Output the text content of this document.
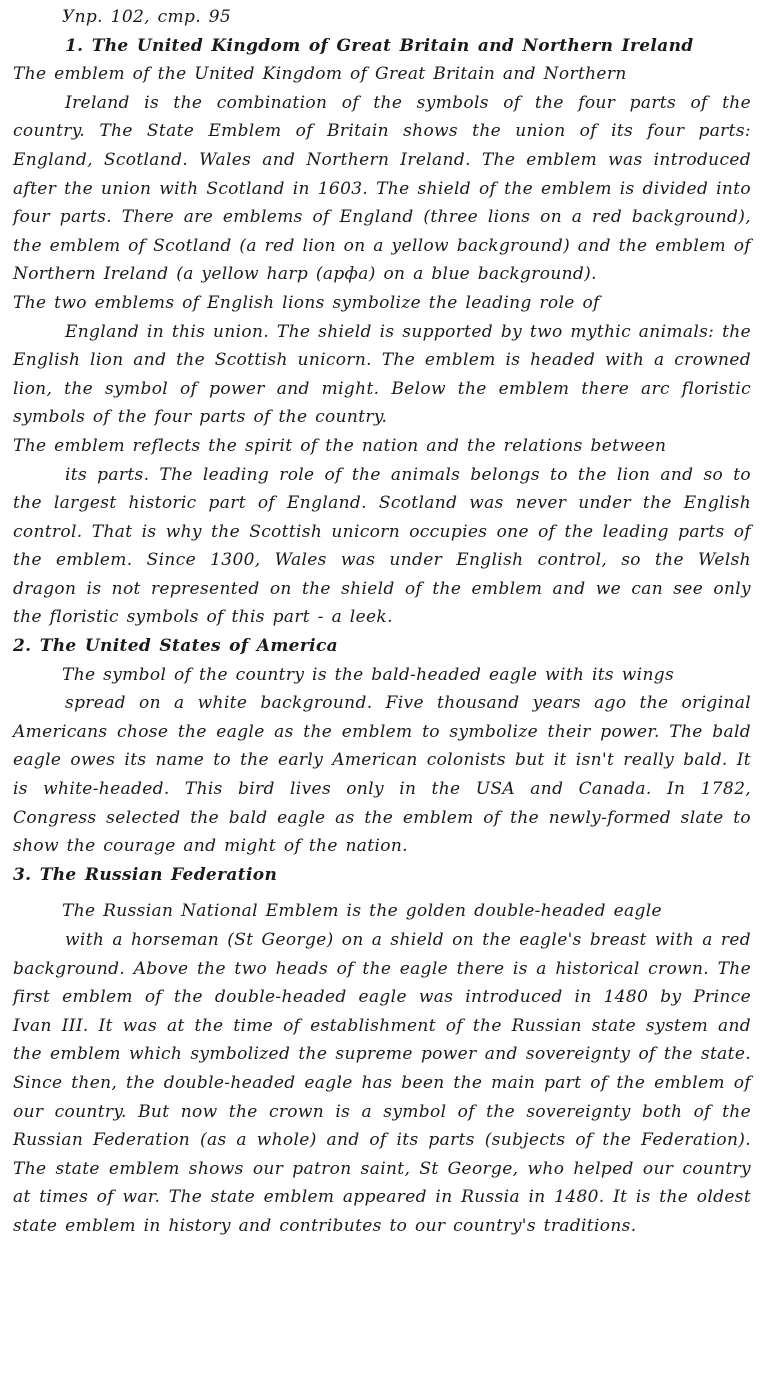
Упр. 102, стр. 95
1. The United Kingdom of Great Britain and Northern Ireland
The emblem of the United Kingdom of Great Britain and Northern
Ireland is the combination of the symbols of the four parts of the country. The State Emblem of Britain shows the union of its four parts: England, Scotland. Wales and Northern Ireland. The emblem was introduced after the union with Scotland in 1603. The shield of the emblem is divided into four parts. There are emblems of England (three lions on a red background), the emblem of Scotland (a red lion on a yellow background) and the emblem of Northern Ireland (a yellow harp (арфа) on a blue background).
The two emblems of English lions symbolize the leading role of
England in this union. The shield is supported by two mythic animals: the English lion and the Scottish unicorn. The emblem is headed with a crowned lion, the symbol of power and might. Below the emblem there arc floristic symbols of the four parts of the country.
The emblem reflects the spirit of the nation and the relations between
its parts. The leading role of the animals belongs to the lion and so to the largest historic part of England. Scotland was never under the English control. That is why the Scottish unicorn occupies one of the leading parts of the emblem. Since 1300, Wales was under English control, so the Welsh dragon is not represented on the shield of the emblem and we can see only the floristic symbols of this part - a leek.
2. The United States of America
The symbol of the country is the bald-headed eagle with its wings
spread on a white background. Five thousand years ago the original Americans chose the eagle as the emblem to symbolize their power. The bald eagle owes its name to the early American colonists but it isn't really bald. It is white-headed. This bird lives only in the USA and Canada. In 1782, Congress selected the bald eagle as the emblem of the newly-formed slate to show the courage and might of the nation.
3. The Russian Federation
The Russian National Emblem is the golden double-headed eagle
with a horseman (St George) on a shield on the eagle's breast with a red background. Above the two heads of the eagle there is a historical crown. The first emblem of the double-headed eagle was introduced in 1480 by Prince Ivan III. It was at the time of establishment of the Russian state system and the emblem which symbolized the supreme power and sovereignty of the state. Since then, the double-headed eagle has been the main part of the emblem of our country. But now the crown is a symbol of the sovereignty both of the Russian Federation (as a whole) and of its parts (subjects of the Federation). The state emblem shows our patron saint, St George, who helped our country at times of war. The state emblem appeared in Russia in 1480. It is the oldest state emblem in history and contributes to our country's traditions.
